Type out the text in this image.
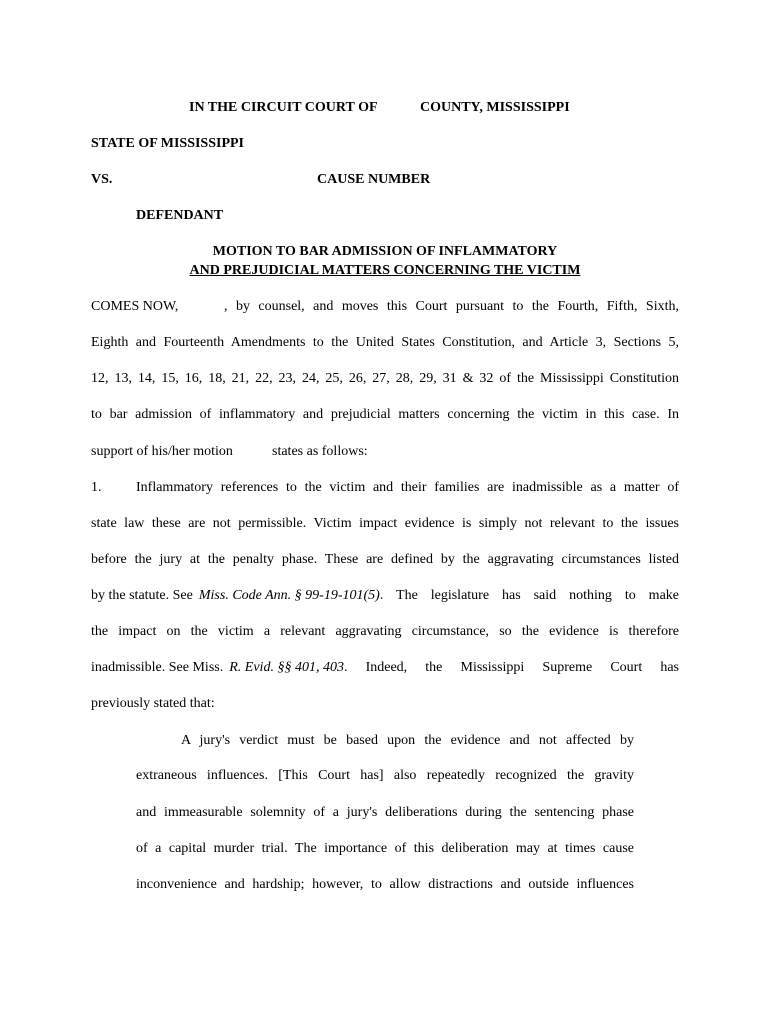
IN THE CIRCUIT COURT OF	COUNTY, MISSISSIPPI
STATE OF MISSISSIPPI
VS.	CAUSE NUMBER
DEFENDANT
MOTION TO BAR ADMISSION OF INFLAMMATORY
AND PREJUDICIAL MATTERS CONCERNING THE VICTIM
COMES NOW,	, by counsel, and moves this Court pursuant to the Fourth, Fifth, Sixth,
Eighth and Fourteenth Amendments to the United States Constitution, and Article 3, Sections 5,
12, 13, 14, 15, 16, 18, 21, 22, 23, 24, 25, 26, 27, 28, 29, 31 & 32 of the Mississippi Constitution
to bar admission of inflammatory and prejudicial matters concerning the victim in this case. In
support of his/her motion	states as follows:
1. Inflammatory references to the victim and their families are inadmissible as a matter of
state law these are not permissible. Victim impact evidence is simply not relevant to the issues
before the jury at the penalty phase. These are defined by the aggravating circumstances listed
by the statute. See Miss. Code Ann. § 99-19-101(5) . The legislature has said nothing to make
the impact on the victim a relevant aggravating circumstance, so the evidence is therefore
inadmissible. See Miss. R. Evid. §§ 401, 403 . Indeed, the Mississippi Supreme Court has
previously stated that:
A jury's verdict must be based upon the evidence and not affected by
extraneous influences. [This Court has] also repeatedly recognized the gravity
and immeasurable solemnity of a jury's deliberations during the sentencing phase
of a capital murder trial. The importance of this deliberation may at times cause
inconvenience and hardship; however, to allow distractions and outside influences
